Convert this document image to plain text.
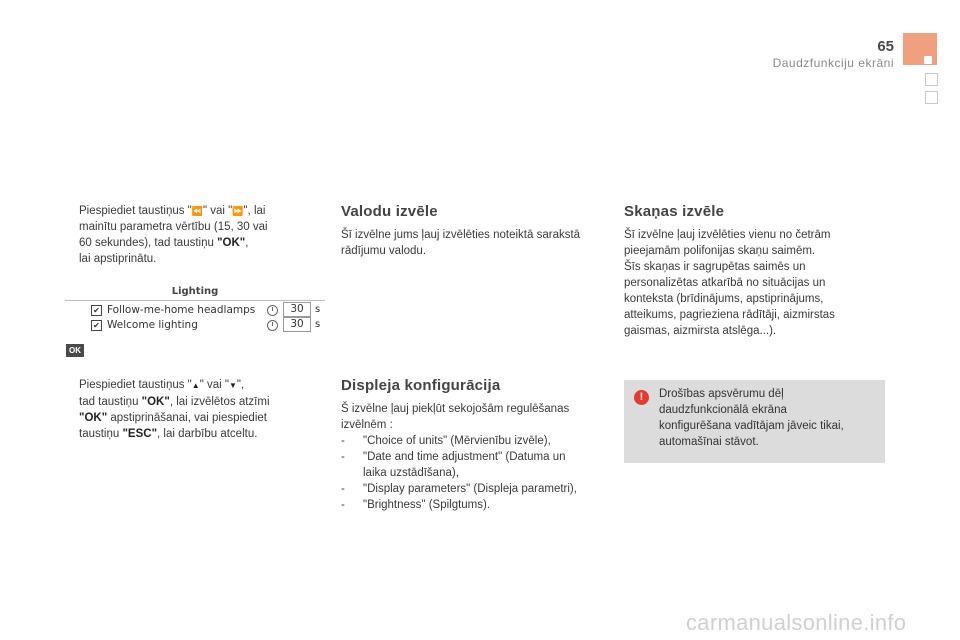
65
Daudzfunkciju ekrāni
Piespiediet taustiņus "⏪" vai "⏩", lai
mainītu parametra vērtību (15, 30 vai
60 sekundes), tad taustiņu "OK",
lai apstiprinātu.
Lighting
✔ Follow-me-home headlamps	30	s
✔ Welcome lighting	30	s
OK
Piespiediet taustiņus "▲" vai "▼",
tad taustiņu "OK", lai izvēlētos atzīmi
"OK" apstiprināšanai, vai piespiediet
taustiņu "ESC", lai darbību atceltu.
Valodu izvēle
Šī izvēlne jums ļauj izvēlēties noteiktā sarakstā
rādījumu valodu.
Displeja konfigurācija
Š izvēlne ļauj piekļūt sekojošām regulēšanas
izvēlnēm :
- "Choice of units" (Mērvienību izvēle),
- "Date and time adjustment" (Datuma un
laika uzstādīšana),
- "Display parameters" (Displeja parametri),
- "Brightness" (Spilgtums).
Skaņas izvēle
Šī izvēlne ļauj izvēlēties vienu no četrām
pieejamām polifonijas skaņu saimēm.
Šīs skaņas ir sagrupētas saimēs un
personalizētas atkarībā no situācijas un
konteksta (brīdinājums, apstiprinājums,
atteikums, pagrieziena rādītāji, aizmirstas
gaismas, aizmirsta atslēga...).
!	Drošības apsvērumu dēļ
daudzfunkcionālā ekrāna
konfigurēšana vadītājam jāveic tikai,
automašīnai stāvot.
carmanualsonline.info
